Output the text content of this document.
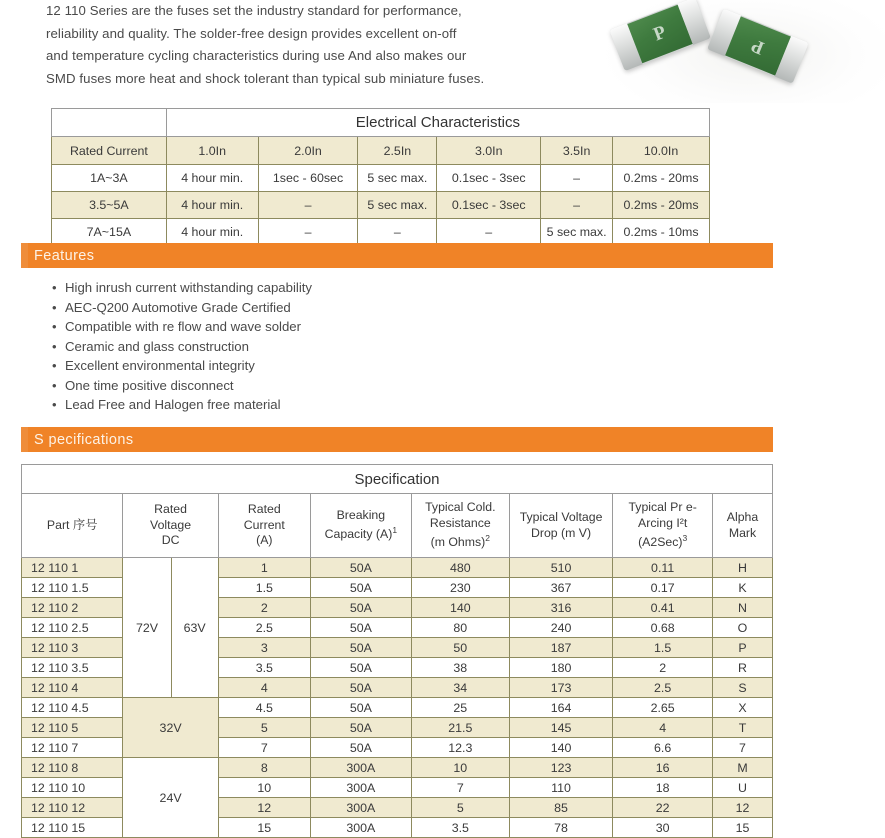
12 110 Series are the fuses set the industry standard for performance,

reliability and quality. The solder-free design provides excellent on-off

and temperature cycling characteristics during use And also makes our

SMD fuses more heat and shock tolerant than typical sub miniature fuses.

P
P
	Electrical Characteristics					
Rated Current	1.0In	2.0In	2.5In	3.0In	3.5In	10.0In
1A~3A	4 hour min.	1sec - 60sec	5 sec max.	0.1sec - 3sec	–	0.2ms - 20ms
3.5~5A	4 hour min.	–	5 sec max.	0.1sec - 3sec	–	0.2ms - 20ms
7A~15A	4 hour min.	–	–	–	5 sec max.	0.2ms - 10ms
Features
• High inrush current withstanding capability
• AEC-Q200 Automotive Grade Certified
• Compatible with re flow and wave solder
• Ceramic and glass construction
• Excellent environmental integrity
• One time positive disconnect
• Lead Free and Halogen free material
S pecifications
Specification								
Part 序号	Rated
Voltage
DC		Rated
Current
(A)	Breaking
Capacity $(A)^1$	Typical Cold.
Resistance
(m Ohms)$^2$	Typical Voltage
Drop (m V)	Typical Pr e-
Arcing I²t
$(A2Sec)^3$	Alpha
Mark
12 110 1	72V	63V	1	50A	480	510	0.11	H
12 110 1.5			1.5	50A	230	367	0.17	K
12 110 2			2	50A	140	316	0.41	N
12 110 2.5			2.5	50A	80	240	0.68	O
12 110 3			3	50A	50	187	1.5	P
12 110 3.5			3.5	50A	38	180	2	R
12 110 4			4	50A	34	173	2.5	S
12 110 4.5	32V		4.5	50A	25	164	2.65	X
12 110 5			5	50A	21.5	145	4	T
12 110 7			7	50A	12.3	140	6.6	7
12 110 8	24V		8	300A	10	123	16	M
12 110 10			10	300A	7	110	18	U
12 110 12			12	300A	5	85	22	12
12 110 15			15	300A	3.5	78	30	15
